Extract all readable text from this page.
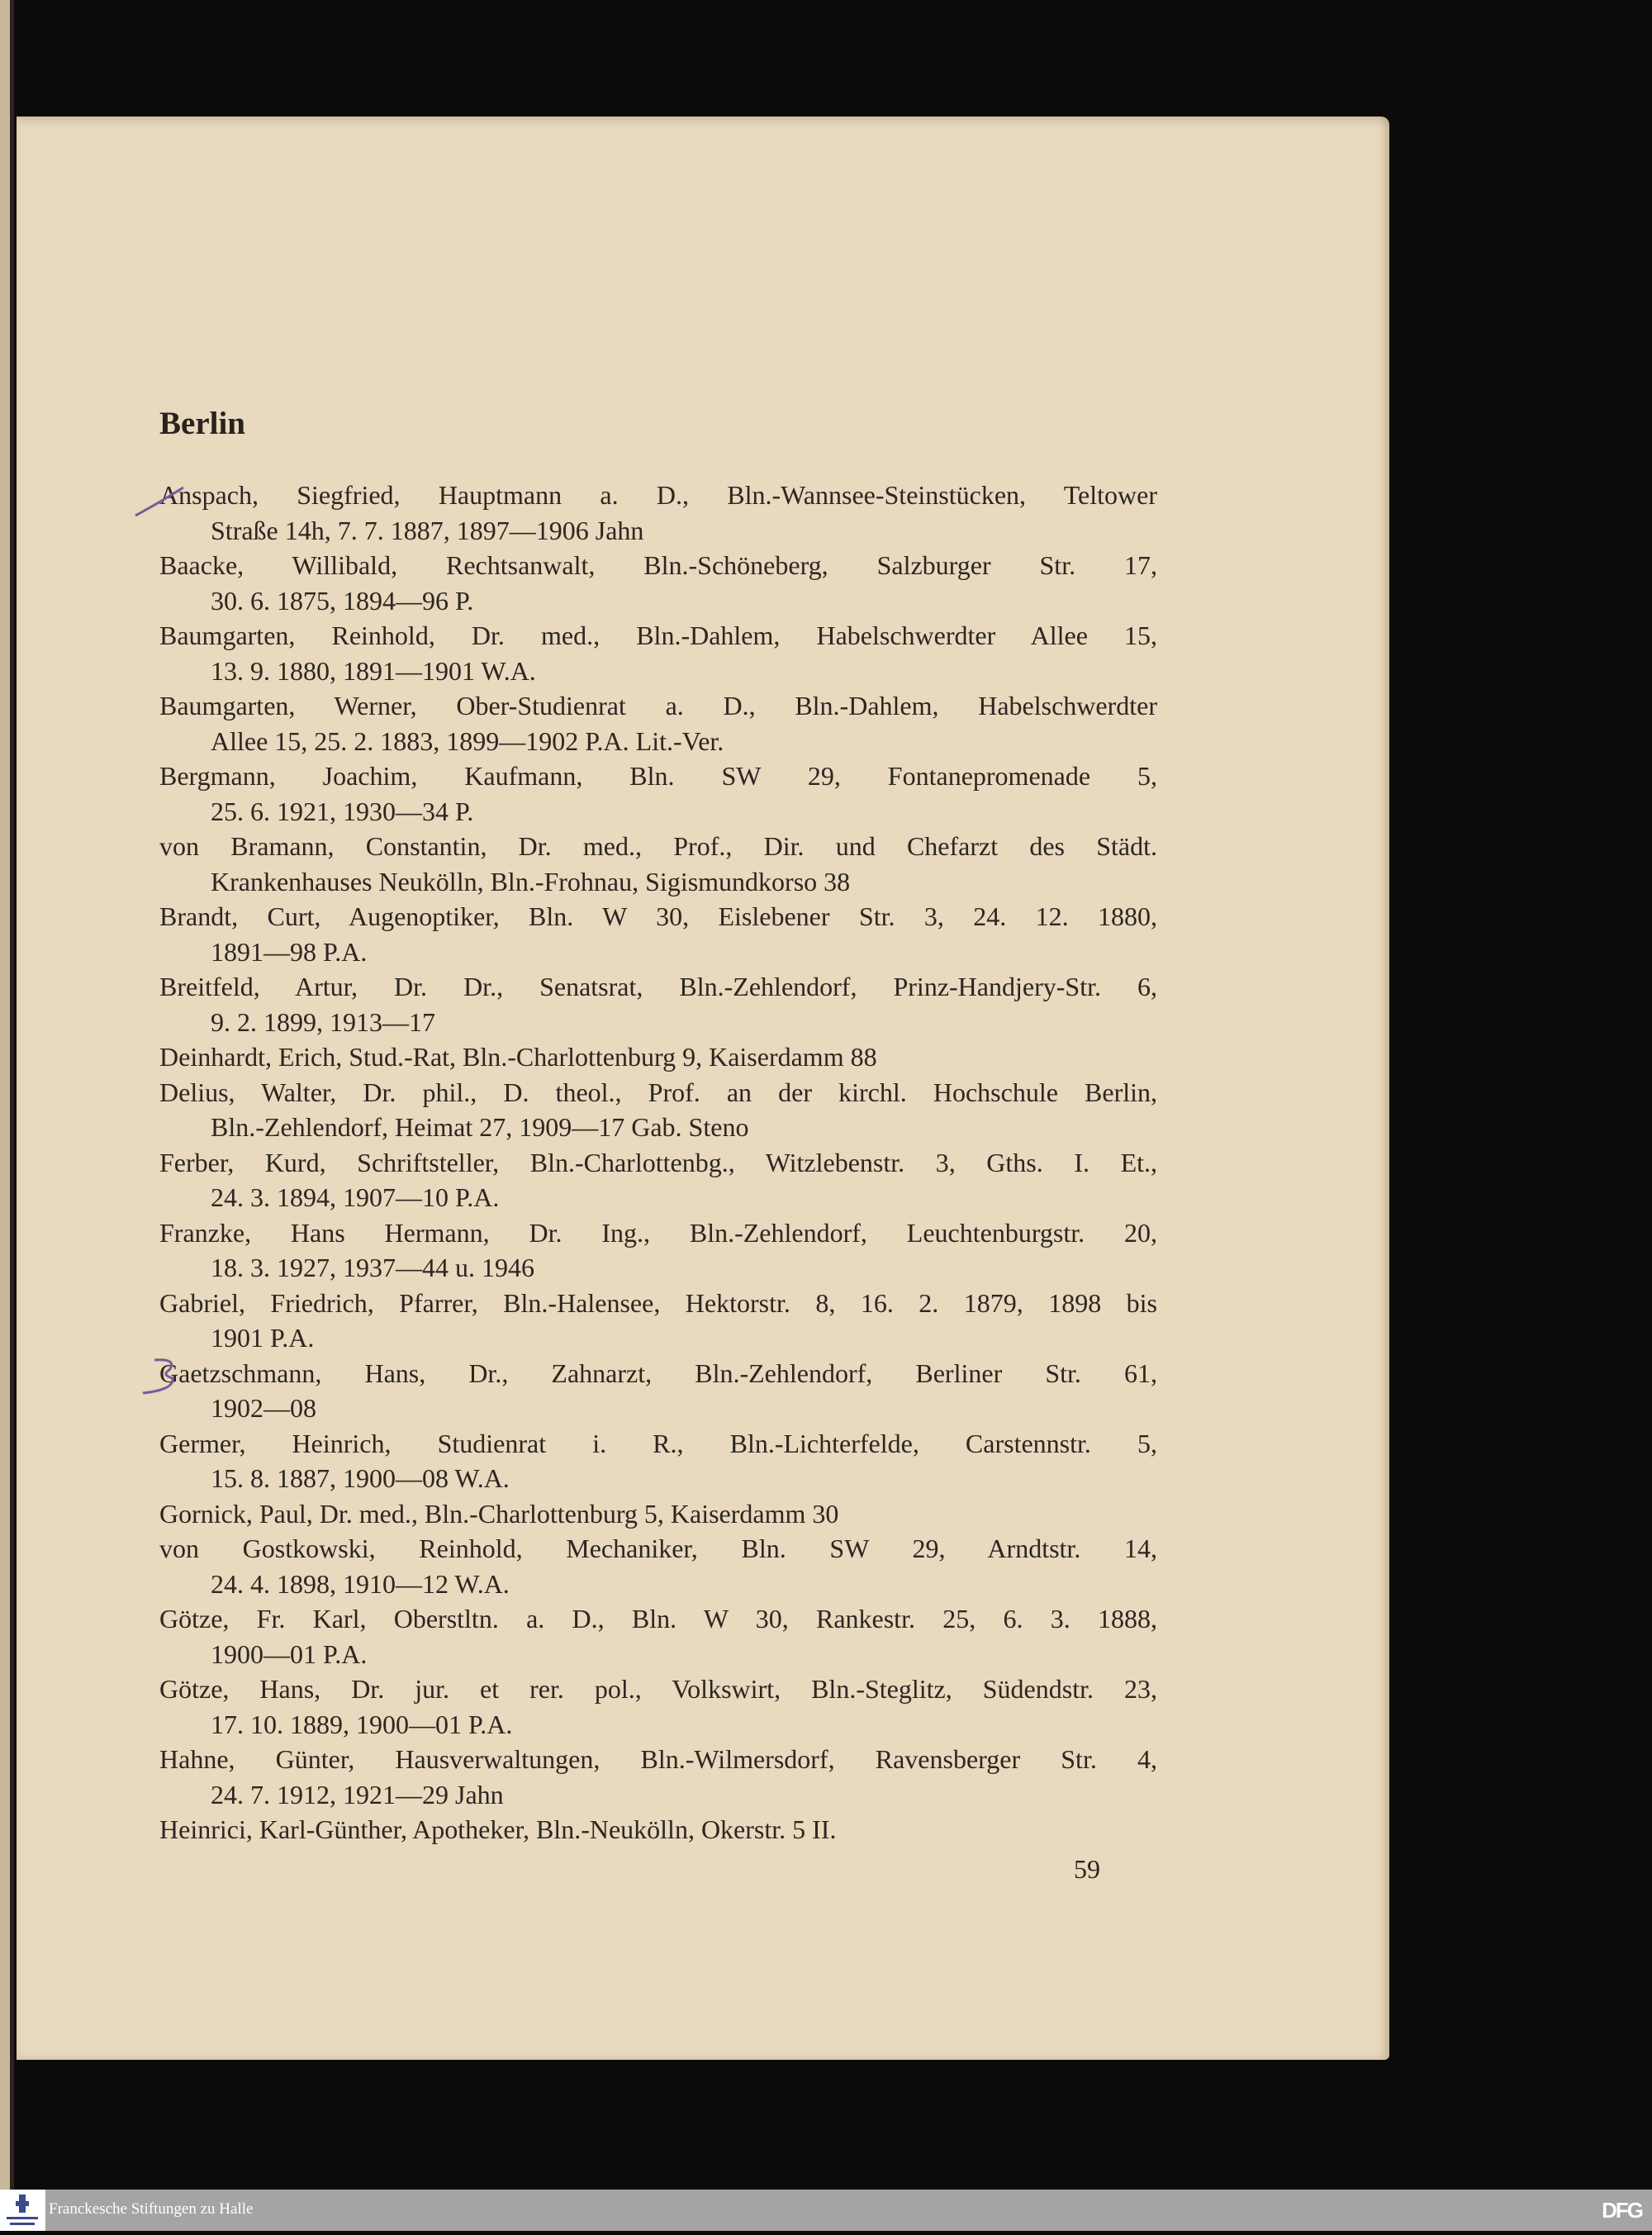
Berlin
Anspach, Siegfried, Hauptmann a. D., Bln.-Wannsee-Steinstücken, Teltower
Straße 14h, 7. 7. 1887, 1897—1906 Jahn
Baacke, Willibald, Rechtsanwalt, Bln.-Schöneberg, Salzburger Str. 17,
30. 6. 1875, 1894—96 P.
Baumgarten, Reinhold, Dr. med., Bln.-Dahlem, Habelschwerdter Allee 15,
13. 9. 1880, 1891—1901 W.A.
Baumgarten, Werner, Ober-Studienrat a. D., Bln.-Dahlem, Habelschwerdter
Allee 15, 25. 2. 1883, 1899—1902 P.A. Lit.-Ver.
Bergmann, Joachim, Kaufmann, Bln. SW 29, Fontanepromenade 5,
25. 6. 1921, 1930—34 P.
von Bramann, Constantin, Dr. med., Prof., Dir. und Chefarzt des Städt.
Krankenhauses Neukölln, Bln.-Frohnau, Sigismundkorso 38
Brandt, Curt, Augenoptiker, Bln. W 30, Eislebener Str. 3, 24. 12. 1880,
1891—98 P.A.
Breitfeld, Artur, Dr. Dr., Senatsrat, Bln.-Zehlendorf, Prinz-Handjery-Str. 6,
9. 2. 1899, 1913—17
Deinhardt, Erich, Stud.-Rat, Bln.-Charlottenburg 9, Kaiserdamm 88
Delius, Walter, Dr. phil., D. theol., Prof. an der kirchl. Hochschule Berlin,
Bln.-Zehlendorf, Heimat 27, 1909—17 Gab. Steno
Ferber, Kurd, Schriftsteller, Bln.-Charlottenbg., Witzlebenstr. 3, Gths. I. Et.,
24. 3. 1894, 1907—10 P.A.
Franzke, Hans Hermann, Dr. Ing., Bln.-Zehlendorf, Leuchtenburgstr. 20,
18. 3. 1927, 1937—44 u. 1946
Gabriel, Friedrich, Pfarrer, Bln.-Halensee, Hektorstr. 8, 16. 2. 1879, 1898 bis
1901 P.A.
Gaetzschmann, Hans, Dr., Zahnarzt, Bln.-Zehlendorf, Berliner Str. 61,
1902—08
Germer, Heinrich, Studienrat i. R., Bln.-Lichterfelde, Carstennstr. 5,
15. 8. 1887, 1900—08 W.A.
Gornick, Paul, Dr. med., Bln.-Charlottenburg 5, Kaiserdamm 30
von Gostkowski, Reinhold, Mechaniker, Bln. SW 29, Arndtstr. 14,
24. 4. 1898, 1910—12 W.A.
Götze, Fr. Karl, Oberstltn. a. D., Bln. W 30, Rankestr. 25, 6. 3. 1888,
1900—01 P.A.
Götze, Hans, Dr. jur. et rer. pol., Volkswirt, Bln.-Steglitz, Südendstr. 23,
17. 10. 1889, 1900—01 P.A.
Hahne, Günter, Hausverwaltungen, Bln.-Wilmersdorf, Ravensberger Str. 4,
24. 7. 1912, 1921—29 Jahn
Heinrici, Karl-Günther, Apotheker, Bln.-Neukölln, Okerstr. 5 II.
59
Franckesche Stiftungen zu Halle	DFG
